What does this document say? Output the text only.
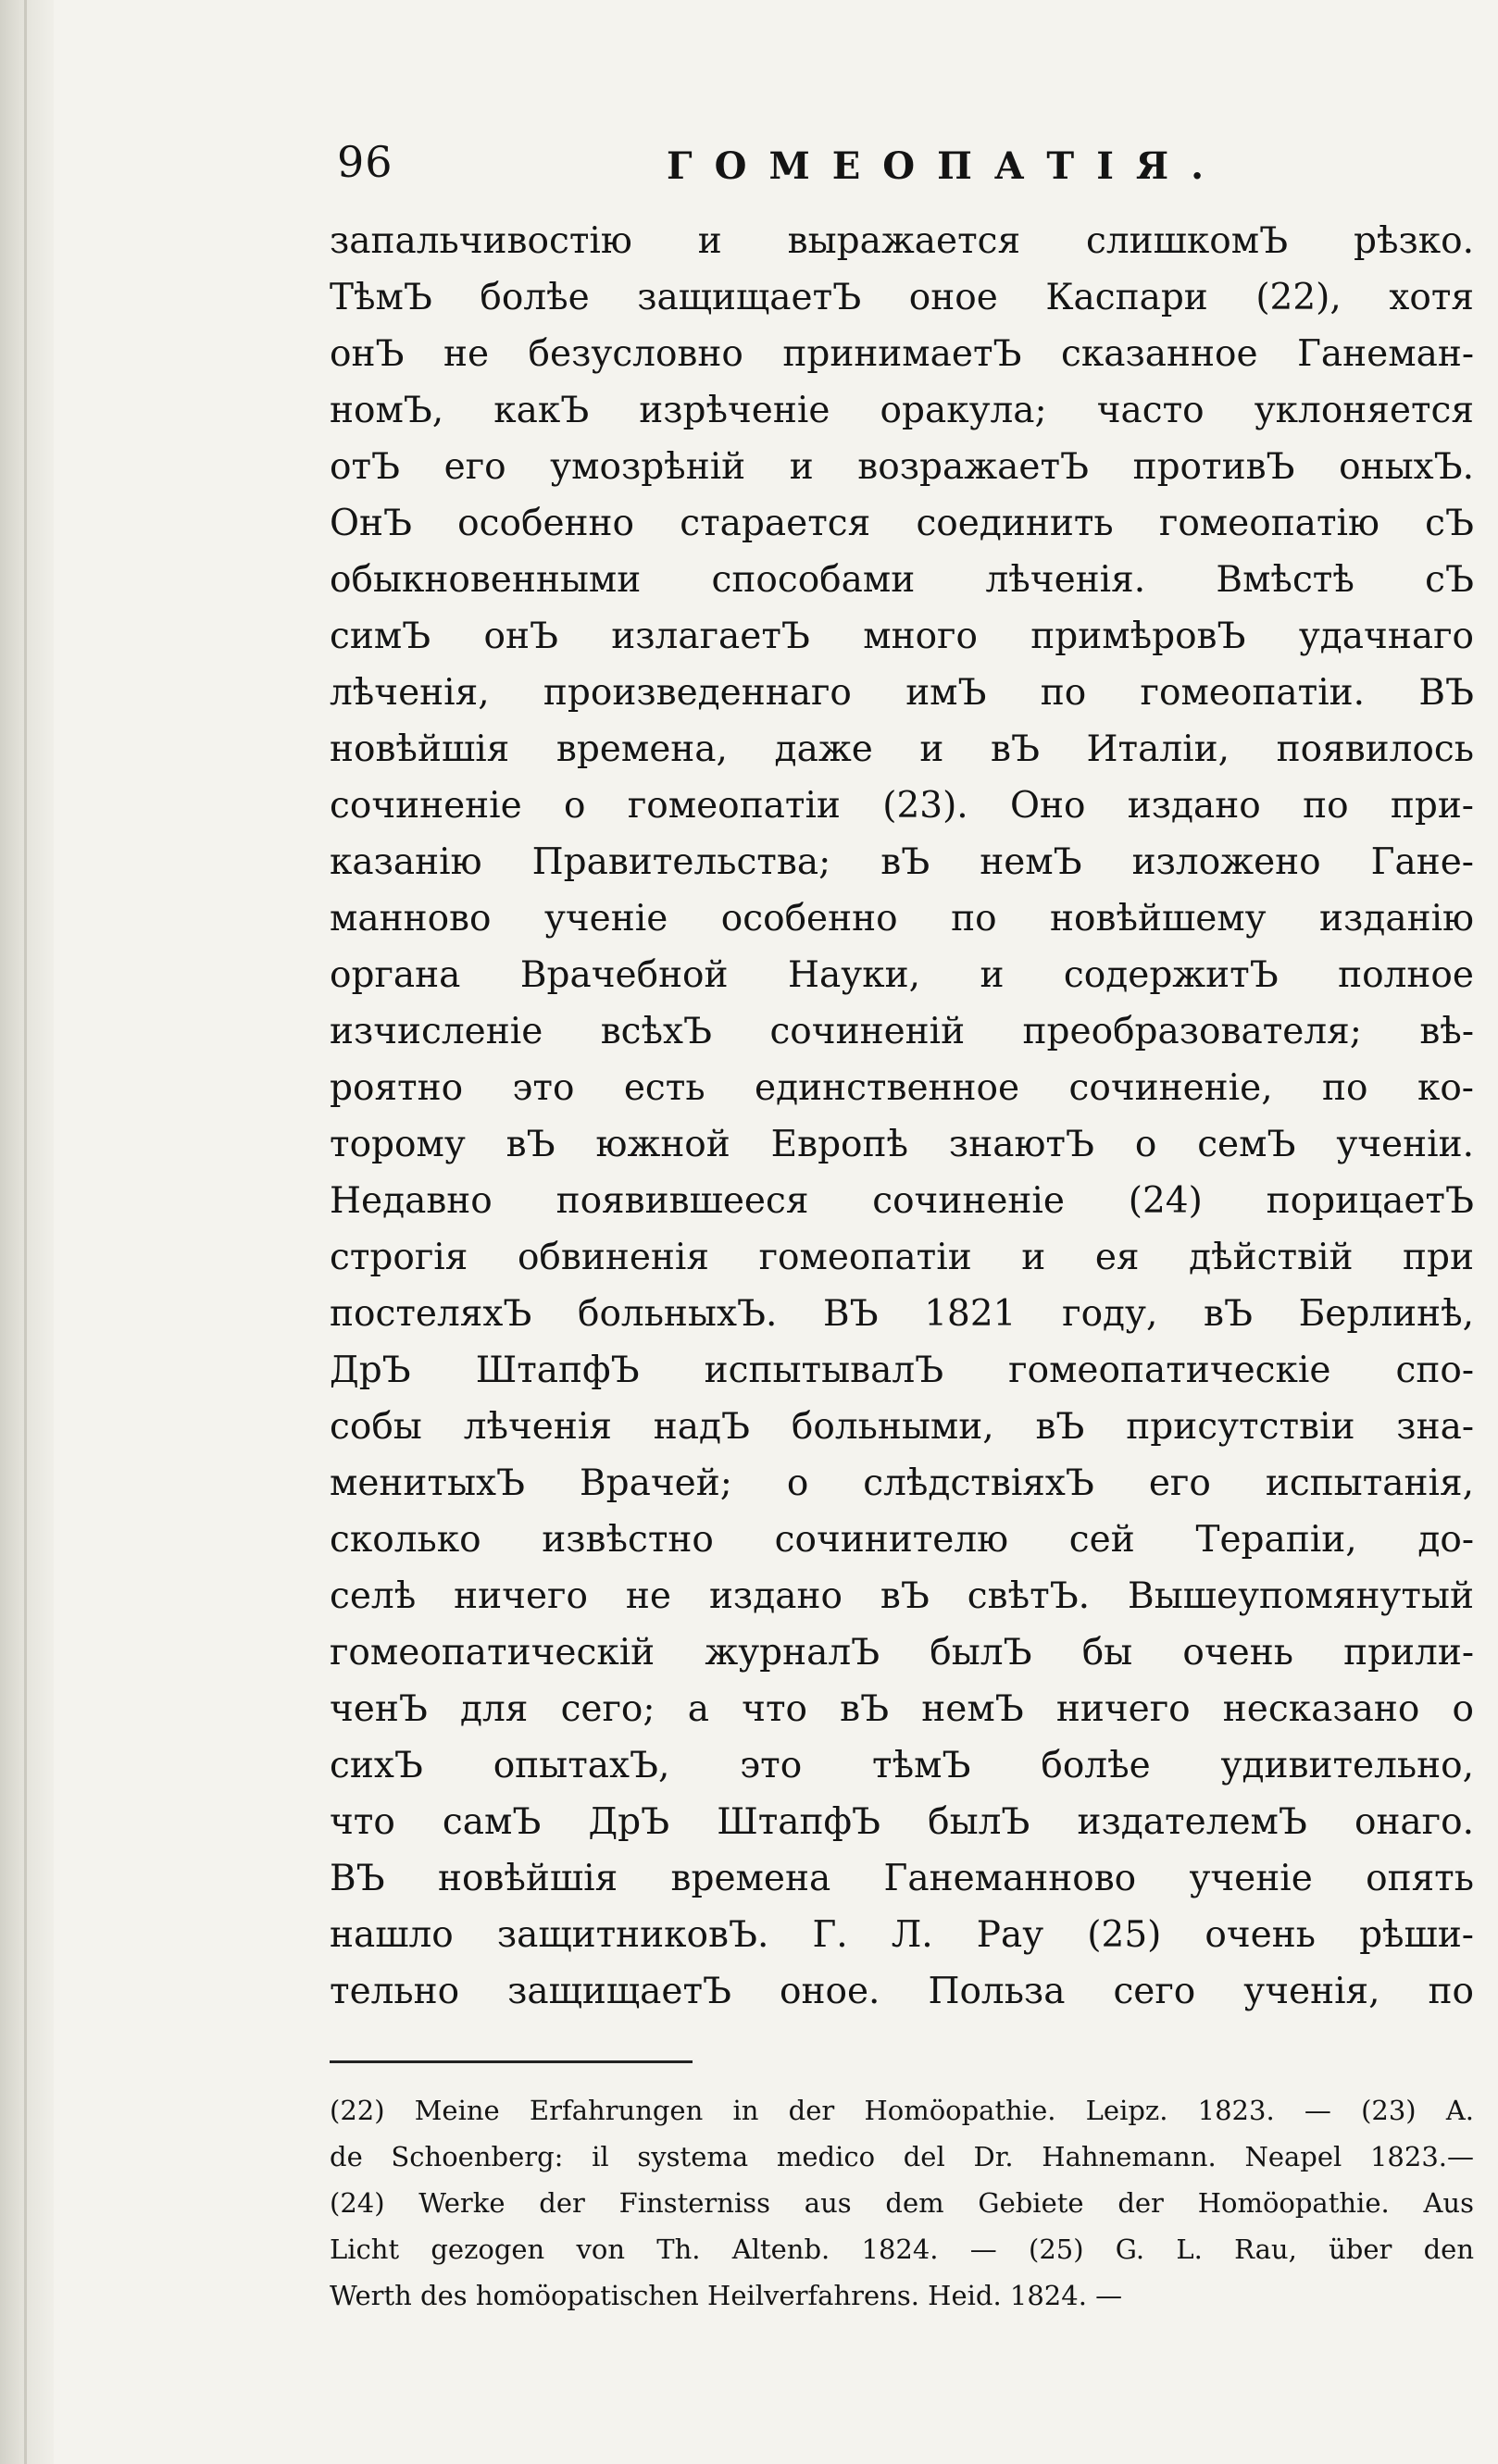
96	ГОМЕОПАТІЯ.
запальчивостію и выражается слишкомЪ рѣзко.
ТѣмЪ болѣе защищаетЪ оное Каспари (22), хотя
онЪ не безусловно принимаетЪ сказанное Ганеман-
номЪ, какЪ изрѣченіе оракула; часто уклоняется
отЪ его умозрѣній и возражаетЪ противЪ оныхЪ.
ОнЪ особенно старается соединить гомеопатію сЪ
обыкновенными способами лѣченія. Вмѣстѣ сЪ
симЪ онЪ излагаетЪ много примѣровЪ удачнаго
лѣченія, произведеннаго имЪ по гомеопатіи. ВЪ
новѣйшія времена, даже и вЪ Италіи, появилось
сочиненіе о гомеопатіи (23). Оно издано по при-
казанію Правительства; вЪ немЪ изложено Гане-
манново ученіе особенно по новѣйшему изданію
органа Врачебной Науки, и содержитЪ полное
изчисленіе всѣхЪ сочиненій преобразователя; вѣ-
роятно это есть единственное сочиненіе, по ко-
торому вЪ южной Европѣ знаютЪ о семЪ ученіи.
Недавно появившееся сочиненіе (24) порицаетЪ
строгія обвиненія гомеопатіи и ея дѣйствій при
постеляхЪ больныхЪ. ВЪ 1821 году, вЪ Берлинѣ,
ДрЪ ШтапфЪ испытывалЪ гомеопатическіе спо-
собы лѣченія надЪ больными, вЪ присутствіи зна-
менитыхЪ Врачей; о слѣдствіяхЪ его испытанія,
сколько извѣстно сочинителю сей Терапіи, до-
селѣ ничего не издано вЪ свѣтЪ. Вышеупомянутый
гомеопатическій журналЪ былЪ бы очень прили-
ченЪ для сего; а что вЪ немЪ ничего несказано о
сихЪ опытахЪ, это тѣмЪ болѣе удивительно,
что самЪ ДрЪ ШтапфЪ былЪ издателемЪ онаго.
ВЪ новѣйшія времена Ганеманново ученіе опять
нашло защитниковЪ. Г. Л. Рау (25) очень рѣши-
тельно защищаетЪ оное. Польза сего ученія, по
(22) Meine Erfahrungen in der Homöopathie. Leipz. 1823. — (23) A.
de Schoenberg: il systema medico del Dr. Hahnemann. Neapel 1823.—
(24) Werke der Finsterniss aus dem Gebiete der Homöopathie. Aus
Licht gezogen von Th. Altenb. 1824. — (25) G. L. Rau, über den
Werth des homöopatischen Heilverfahrens. Heid. 1824. —
